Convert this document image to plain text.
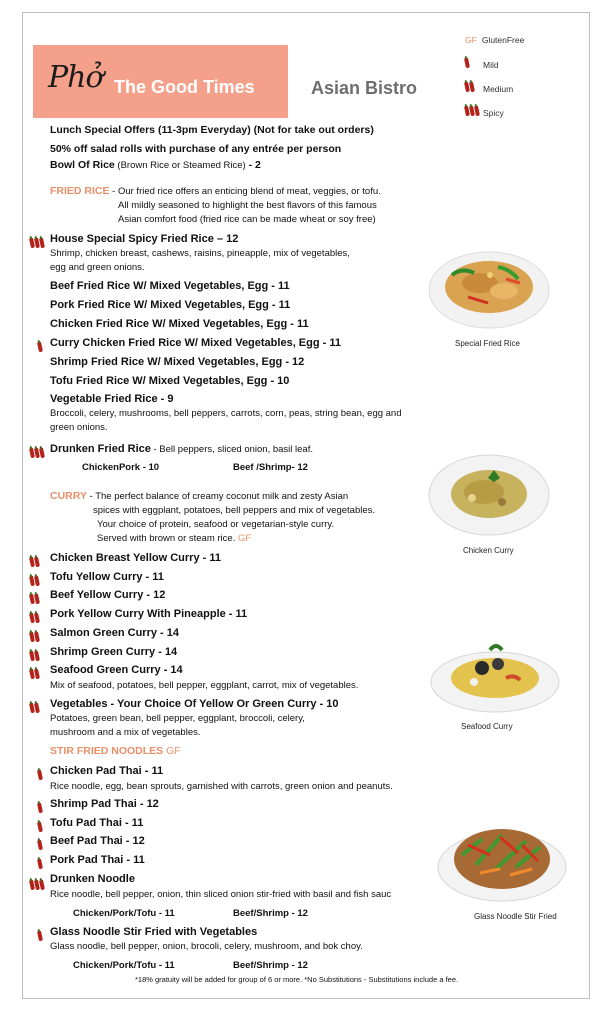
Phở The Good Times	Asian Bistro
GF GlutenFree
Mild
Medium
Spicy
Lunch Special Offers (11-3pm Everyday) (Not for take out orders)
50% off salad rolls with purchase of any entrée per person
Bowl Of Rice (Brown Rice or Steamed Rice) - 2
FRIED RICE - Our fried rice offers an enticing blend of meat, veggies, or tofu.
All mildly seasoned to highlight the best flavors of this famous
Asian comfort food (fried rice can be made wheat or soy free)
House Special Spicy Fried Rice – 12
Shrimp, chicken breast, cashews, raisins, pineapple, mix of vegetables,
egg and green onions.
Beef Fried Rice W/ Mixed Vegetables, Egg - 11
Pork Fried Rice W/ Mixed Vegetables, Egg - 11
Chicken Fried Rice W/ Mixed Vegetables, Egg - 11
Curry Chicken Fried Rice W/ Mixed Vegetables, Egg - 11
Shrimp Fried Rice W/ Mixed Vegetables, Egg - 12
Tofu Fried Rice W/ Mixed Vegetables, Egg - 10
Vegetable Fried Rice - 9
Broccoli, celery, mushrooms, bell peppers, carrots, corn, peas, string bean, egg and
green onions.
Drunken Fried Rice - Bell peppers, sliced onion, basil leaf.
ChickenPork - 10	Beef /Shrimp- 12
Special Fried Rice
CURRY - The perfect balance of creamy coconut milk and zesty Asian
spices with eggplant, potatoes, bell peppers and mix of vegetables.
Your choice of protein, seafood or vegetarian-style curry.
Served with brown or steam rice. GF
Chicken Breast Yellow Curry - 11
Tofu Yellow Curry - 11
Beef Yellow Curry - 12
Pork Yellow Curry With Pineapple - 11
Salmon Green Curry - 14
Shrimp Green Curry - 14
Seafood Green Curry - 14
Mix of seafood, potatoes, bell pepper, eggplant, carrot, mix of vegetables.
Vegetables - Your Choice Of Yellow Or Green Curry - 10
Potatoes, green bean, bell pepper, eggplant, broccoli, celery,
mushroom and a mix of vegetables.
Chicken Curry
Seafood Curry
STIR FRIED NOODLES GF
Chicken Pad Thai - 11
Rice noodle, egg, bean sprouts, garnished with carrots, green onion and peanuts.
Shrimp Pad Thai - 12
Tofu Pad Thai - 11
Beef Pad Thai - 12
Pork Pad Thai - 11
Drunken Noodle
Rice noodle, bell pepper, onion, thin sliced onion stir-fried with basil and fish sauc
Chicken/Pork/Tofu - 11	Beef/Shrimp - 12
Glass Noodle Stir Fried with Vegetables
Glass noodle, bell pepper, onion, brocoli, celery, mushroom, and bok choy.
Chicken/Pork/Tofu - 11	Beef/Shrimp - 12
Glass Noodle Stir Fried
*18% gratuity will be added for group of 6 or more. *No Substitutions - Substitutions include a fee.
